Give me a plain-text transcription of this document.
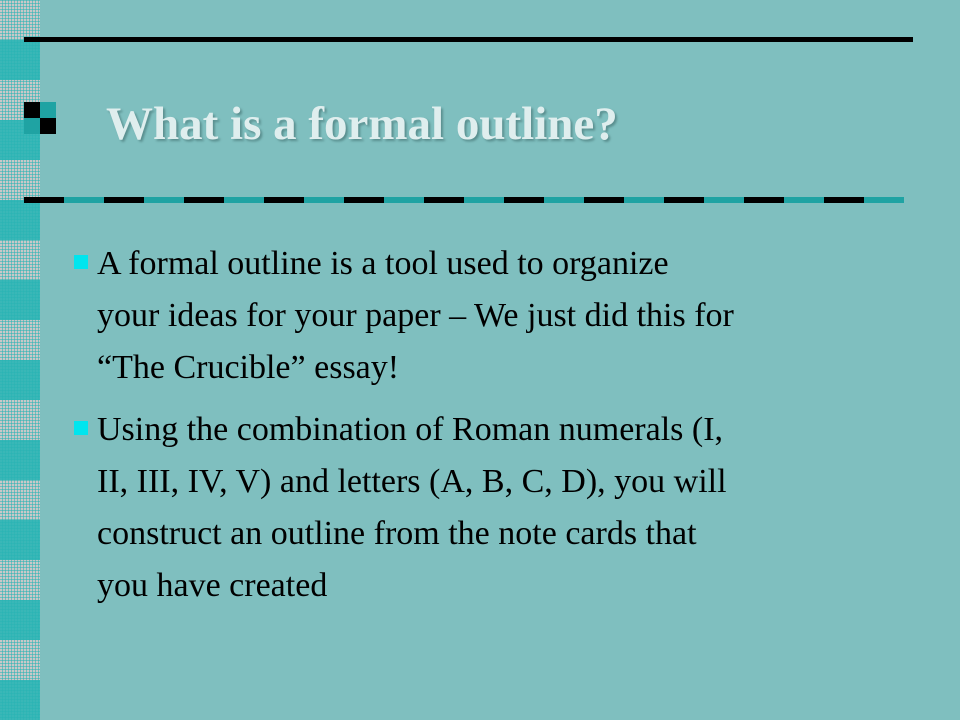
What is a formal outline?
A formal outline is a tool used to organize
your ideas for your paper – We just did this for
“The Crucible” essay!
Using the combination of Roman numerals (I,
II, III, IV, V) and letters (A, B, C, D), you will
construct an outline from the note cards that
you have created
